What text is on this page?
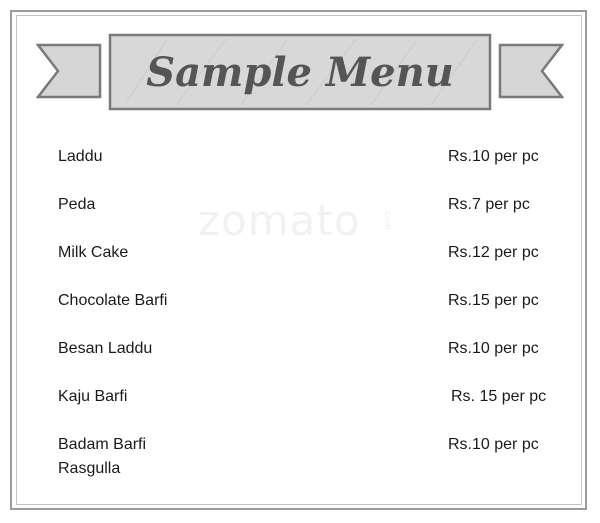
Sample Menu
zomato .com
Laddu	Rs.10 per pc
Peda	Rs.7 per pc
Milk Cake	Rs.12 per pc
Chocolate Barfi	Rs.15 per pc
Besan Laddu	Rs.10 per pc
Kaju Barfi	Rs. 15 per pc
Badam Barfi	Rs.10 per pc
Rasgulla
